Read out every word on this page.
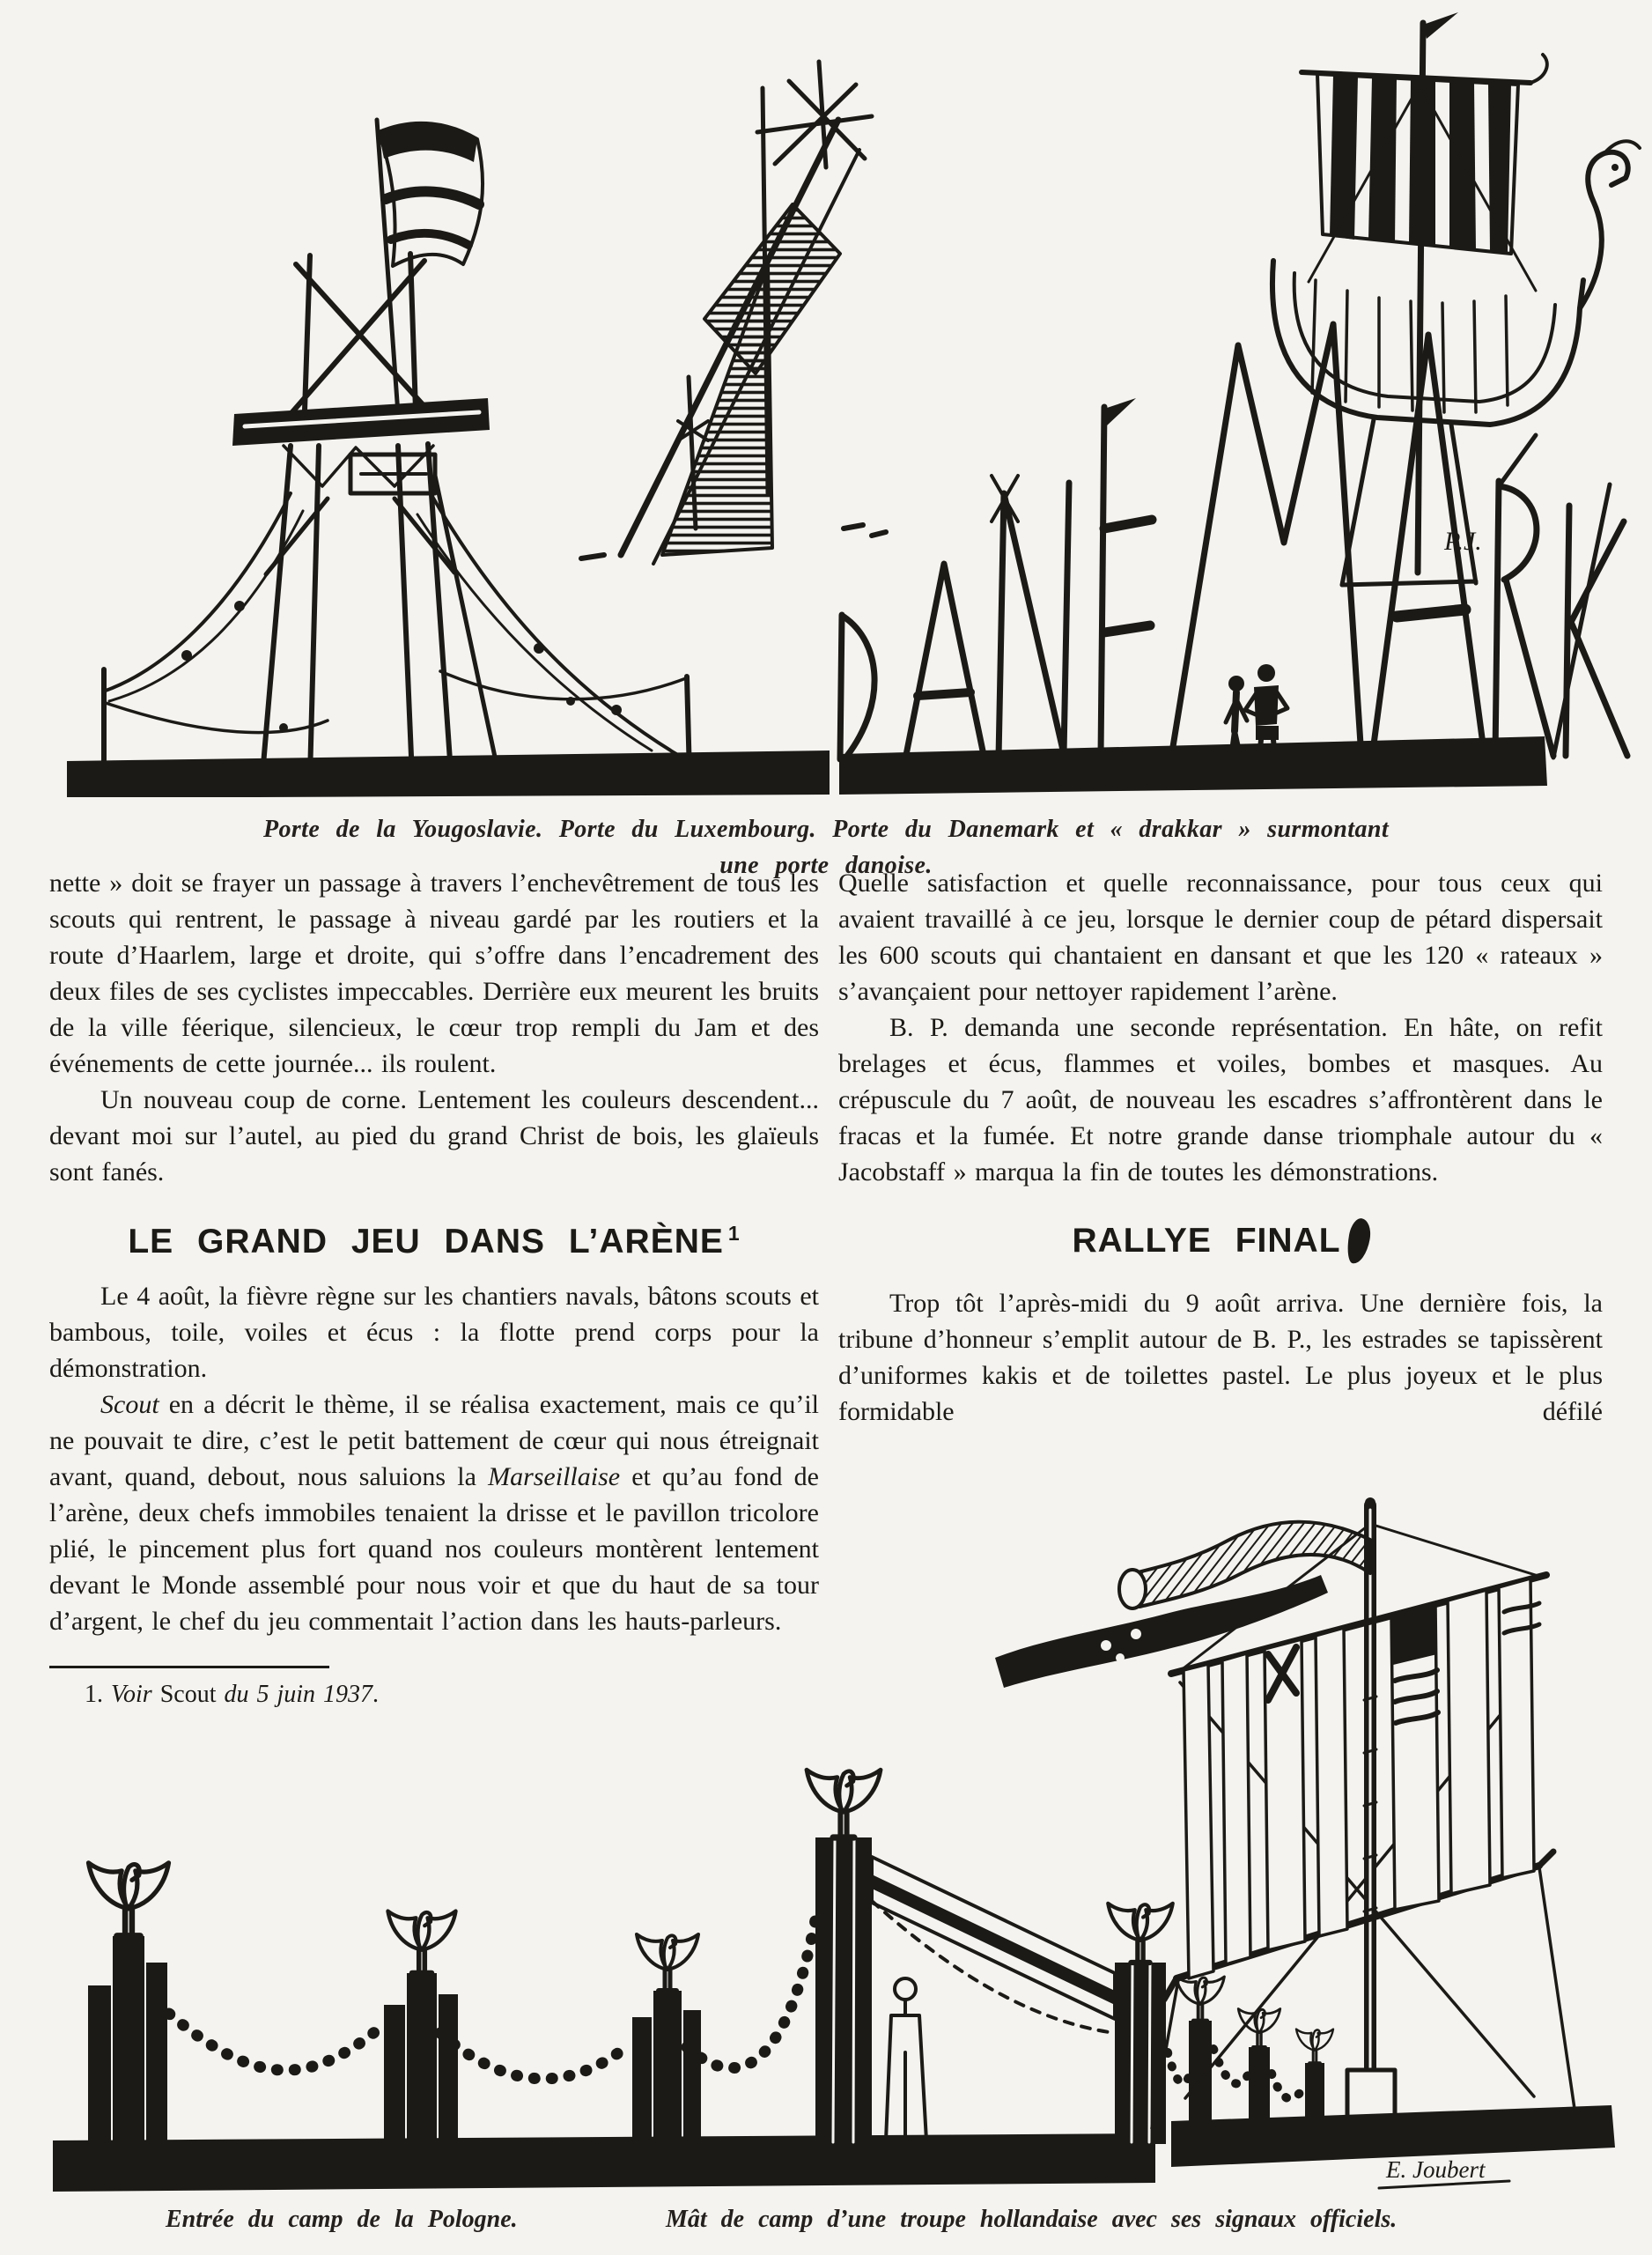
P.J.
Porte de la Yougoslavie. Porte du Luxembourg. Porte du Danemark et « drakkar » surmontant
une porte danoise.

nette » doit se frayer un passage à travers l’enchevêtrement de tous les scouts qui rentrent, le passage à niveau gardé par les routiers et la route d’Haarlem, large et droite, qui s’offre dans l’encadrement des deux files de ses cyclistes impeccables. Derrière eux meurent les bruits de la ville féerique, silencieux, le cœur trop rempli du Jam et des événements de cette journée... ils roulent.

Un nouveau coup de corne. Lentement les couleurs descendent... devant moi sur l’autel, au pied du grand Christ de bois, les glaïeuls sont fanés.

LE GRAND JEU DANS L’ARÈNE $^1$

Le 4 août, la fièvre règne sur les chantiers navals, bâtons scouts et bambous, toile, voiles et écus : la flotte prend corps pour la démonstration.

Scout en a décrit le thème, il se réalisa exactement, mais ce qu’il ne pouvait te dire, c’est le petit battement de cœur qui nous étreignait avant, quand, debout, nous saluions la Marseillaise et qu’au fond de l’arène, deux chefs immobiles tenaient la drisse et le pavillon tricolore plié, le pincement plus fort quand nos couleurs montèrent lentement devant le Monde assemblé pour nous voir et que du haut de sa tour d’argent, le chef du jeu commentait l’action dans les hauts-parleurs.

1. Voir Scout du 5 juin 1937.

Quelle satisfaction et quelle reconnaissance, pour tous ceux qui avaient travaillé à ce jeu, lorsque le dernier coup de pétard dispersait les 600 scouts qui chantaient en dansant et que les 120 « rateaux » s’avançaient pour nettoyer rapidement l’arène.

B. P. demanda une seconde représentation. En hâte, on refit brelages et écus, flammes et voiles, bombes et masques. Au crépuscule du 7 août, de nouveau les escadres s’affrontèrent dans le fracas et la fumée. Et notre grande danse triomphale autour du « Jacobstaff » marqua la fin de toutes les démonstrations.

RALLYE FINAL

Trop tôt l’après-midi du 9 août arriva. Une dernière fois, la tribune d’honneur s’emplit autour de B. P., les estrades se tapissèrent d’uniformes kakis et de toilettes pastel. Le plus joyeux et le plus formidable défilé

E. Joubert
Entrée du camp de la Pologne.	Mât de camp d’une troupe hollandaise avec ses signaux officiels.
